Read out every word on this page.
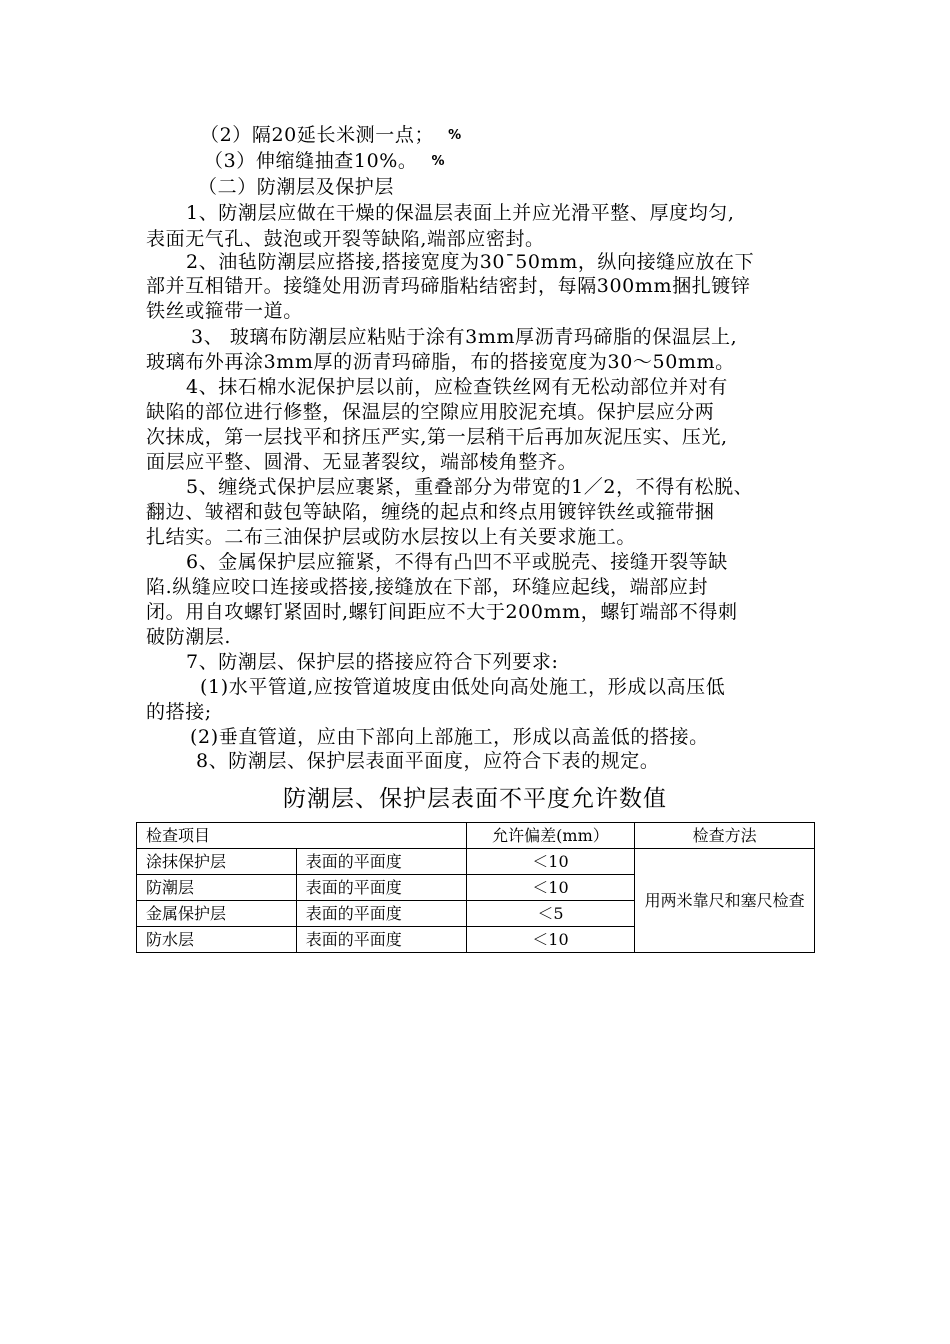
（2）隔20延长米测一点； %
（3）伸缩缝抽查10%。 %
（二）防潮层及保护层
1、防潮层应做在干燥的保温层表面上并应光滑平整、厚度均匀,
表面无气孔、鼓泡或开裂等缺陷,端部应密封。
2、油毡防潮层应搭接,搭接宽度为30¯50mm，纵向接缝应放在下
部并互相错开。接缝处用沥青玛碲脂粘结密封，每隔300mm捆扎镀锌
铁丝或箍带一道。
3、 玻璃布防潮层应粘贴于涂有3mm厚沥青玛碲脂的保温层上,
玻璃布外再涂3mm厚的沥青玛碲脂，布的搭接宽度为30～50mm。
4、抹石棉水泥保护层以前，应检查铁丝网有无松动部位并对有
缺陷的部位进行修整，保温层的空隙应用胶泥充填。保护层应分两
次抹成，第一层找平和挤压严实,第一层稍干后再加灰泥压实、压光,
面层应平整、圆滑、无显著裂纹，端部棱角整齐。
5、缠绕式保护层应裹紧，重叠部分为带宽的1／2，不得有松脱、
翻边、皱褶和鼓包等缺陷，缠绕的起点和终点用镀锌铁丝或箍带捆
扎结实。二布三油保护层或防水层按以上有关要求施工。
6、金属保护层应箍紧，不得有凸凹不平或脱壳、接缝开裂等缺
陷.纵缝应咬口连接或搭接,接缝放在下部，环缝应起线，端部应封
闭。用自攻螺钉紧固时,螺钉间距应不大于200mm，螺钉端部不得刺
破防潮层.
7、防潮层、保护层的搭接应符合下列要求:
(1)水平管道,应按管道坡度由低处向高处施工，形成以高压低
的搭接;
(2)垂直管道，应由下部向上部施工，形成以高盖低的搭接。
8、防潮层、保护层表面平面度，应符合下表的规定。
防潮层、保护层表面不平度允许数值
检查项目		允许偏差(mm）	检查方法
涂抹保护层	表面的平面度	＜10	用两米靠尺和塞尺检查
防潮层	表面的平面度	＜10	
金属保护层	表面的平面度	＜5	
防水层	表面的平面度	＜10	
